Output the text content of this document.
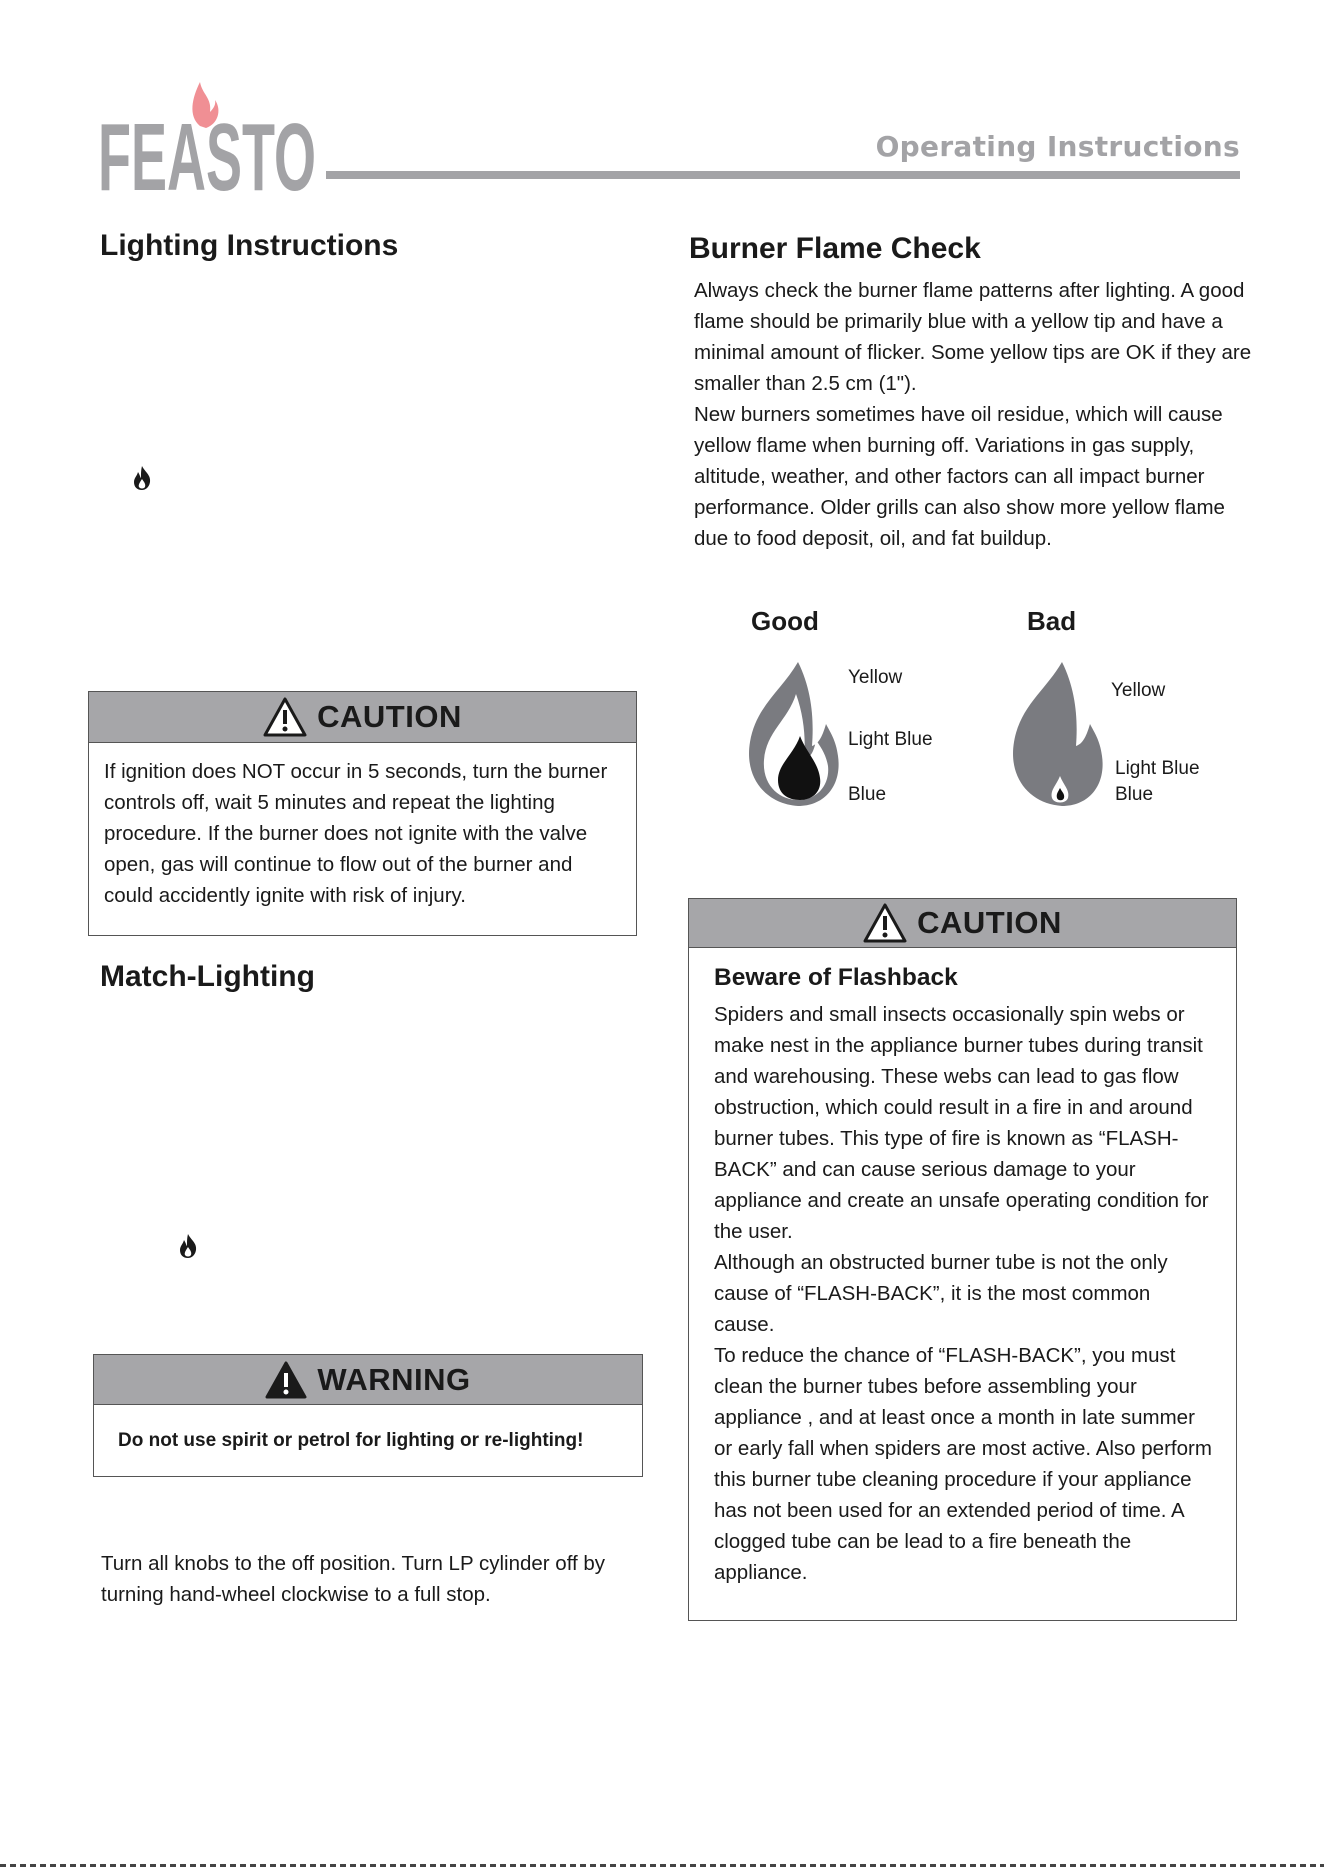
FEASTO	Operating Instructions
Lighting Instructions
CAUTION

If ignition does NOT occur in 5 seconds, turn the burner controls off, wait 5 minutes and repeat the lighting procedure. If the burner does not ignite with the valve open, gas will continue to flow out of the burner and could accidently ignite with risk of injury.

Match-Lighting
WARNING

Do not use spirit or petrol for lighting or re-lighting!

Turn all knobs to the off position. Turn LP cylinder off by turning hand-wheel clockwise to a full stop.

Burner Flame Check

Always check the burner flame patterns after lighting. A good flame should be primarily blue with a yellow tip and have a minimal amount of flicker. Some yellow tips are OK if they are smaller than 2.5 cm (1").

New burners sometimes have oil residue, which will cause yellow flame when burning off. Variations in gas supply, altitude, weather, and other factors can all impact burner performance. Older grills can also show more yellow flame due to food deposit, oil, and fat buildup.

Good
Yellow
Light Blue
Blue
Bad
Yellow
Light Blue
Blue
CAUTION
Beware of Flashback

Spiders and small insects occasionally spin webs or make nest in the appliance burner tubes during transit and warehousing. These webs can lead to gas flow obstruction, which could result in a fire in and around burner tubes. This type of fire is known as “FLASH-BACK” and can cause serious damage to your appliance and create an unsafe operating condition for the user.

Although an obstructed burner tube is not the only cause of “FLASH-BACK”, it is the most common cause.

To reduce the chance of “FLASH-BACK”, you must clean the burner tubes before assembling your appliance , and at least once a month in late summer or early fall when spiders are most active. Also perform this burner tube cleaning procedure if your appliance has not been used for an extended period of time. A clogged tube can be lead to a fire beneath the appliance.
